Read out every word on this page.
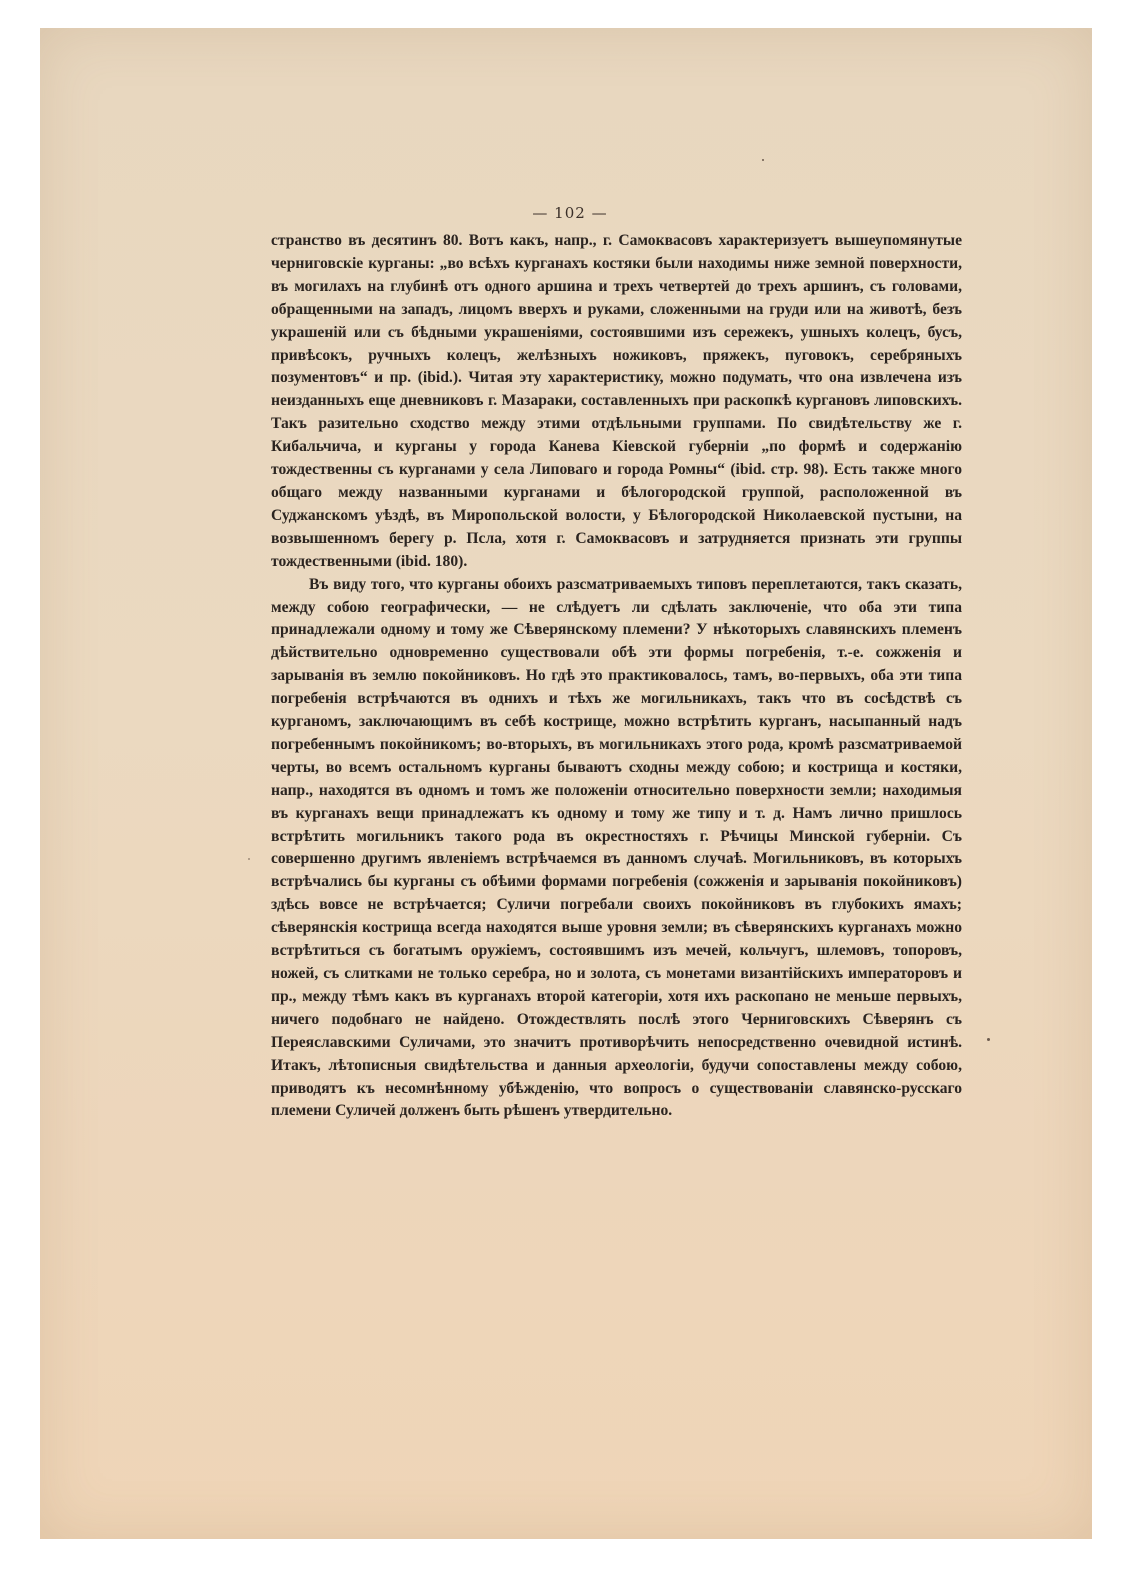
— 102 —

странство въ десятинъ 80. Вотъ какъ, напр., г. Самоквасовъ характеризуетъ вышеупомянутые черниговскіе курганы: „во всѣхъ курганахъ костяки были находимы ниже земной поверхности, въ могилахъ на глубинѣ отъ одного аршина и трехъ четвертей до трехъ аршинъ, съ головами, обращенными на западъ, лицомъ вверхъ и руками, сложенными на груди или на животѣ, безъ украшеній или съ бѣдными украшеніями, состоявшими изъ сережекъ, ушныхъ колецъ, бусъ, привѣсокъ, ручныхъ колецъ, желѣзныхъ ножиковъ, пряжекъ, пуговокъ, серебряныхъ позументовъ“ и пр. (ibid.). Читая эту характеристику, можно подумать, что она извлечена изъ неизданныхъ еще дневниковъ г. Мазараки, составленныхъ при раскопкѣ кургановъ липовскихъ. Такъ разительно сходство между этими отдѣльными группами. По свидѣтельству же г. Кибальчича, и курганы у города Канева Кіевской губерніи „по формѣ и содержанію тождественны съ курганами у села Липоваго и города Ромны“ (ibid. стр. 98). Есть также много общаго между названными курганами и бѣлогородской группой, расположенной въ Суджанскомъ уѣздѣ, въ Миропольской волости, у Бѣлогородской Николаевской пустыни, на возвышенномъ берегу р. Псла, хотя г. Самоквасовъ и затрудняется признать эти группы тождественными (ibid. 180).

Въ виду того, что курганы обоихъ разсматриваемыхъ типовъ переплетаются, такъ сказать, между собою географически, — не слѣдуетъ ли сдѣлать заключеніе, что оба эти типа принадлежали одному и тому же Сѣверянскому племени? У нѣкоторыхъ славянскихъ племенъ дѣйствительно одновременно существовали обѣ эти формы погребенія, т.-е. сожженія и зарыванія въ землю покойниковъ. Но гдѣ это практиковалось, тамъ, во-первыхъ, оба эти типа погребенія встрѣчаются въ однихъ и тѣхъ же могильникахъ, такъ что въ сосѣдствѣ съ курганомъ, заключающимъ въ себѣ кострище, можно встрѣтить курганъ, насыпанный надъ погребеннымъ покойникомъ; во-вторыхъ, въ могильникахъ этого рода, кромѣ разсматриваемой черты, во всемъ остальномъ курганы бываютъ сходны между собою; и кострища и костяки, напр., находятся въ одномъ и томъ же положеніи относительно поверхности земли; находимыя въ курганахъ вещи принадлежатъ къ одному и тому же типу и т. д. Намъ лично пришлось встрѣтить могильникъ такого рода въ окрестностяхъ г. Рѣчицы Минской губерніи. Съ совершенно другимъ явленіемъ встрѣчаемся въ данномъ случаѣ. Могильниковъ, въ которыхъ встрѣчались бы курганы съ обѣими формами погребенія (сожженія и зарыванія покойниковъ) здѣсь вовсе не встрѣчается; Суличи погребали своихъ покойниковъ въ глубокихъ ямахъ; сѣверянскія кострища всегда находятся выше уровня земли; въ сѣверянскихъ курганахъ можно встрѣтиться съ богатымъ оружіемъ, состоявшимъ изъ мечей, кольчугъ, шлемовъ, топоровъ, ножей, съ слитками не только серебра, но и золота, съ монетами византійскихъ императоровъ и пр., между тѣмъ какъ въ курганахъ второй категоріи, хотя ихъ раскопано не меньше первыхъ, ничего подобнаго не найдено. Отождествлять послѣ этого Черниговскихъ Сѣверянъ съ Переяславскими Суличами, это значитъ противорѣчить непосредственно очевидной истинѣ. Итакъ, лѣтописныя свидѣтельства и данныя археологіи, будучи сопоставлены между собою, приводятъ къ несомнѣнному убѣжденію, что вопросъ о существованіи славянско-русскаго племени Суличей долженъ быть рѣшенъ утвердительно.
